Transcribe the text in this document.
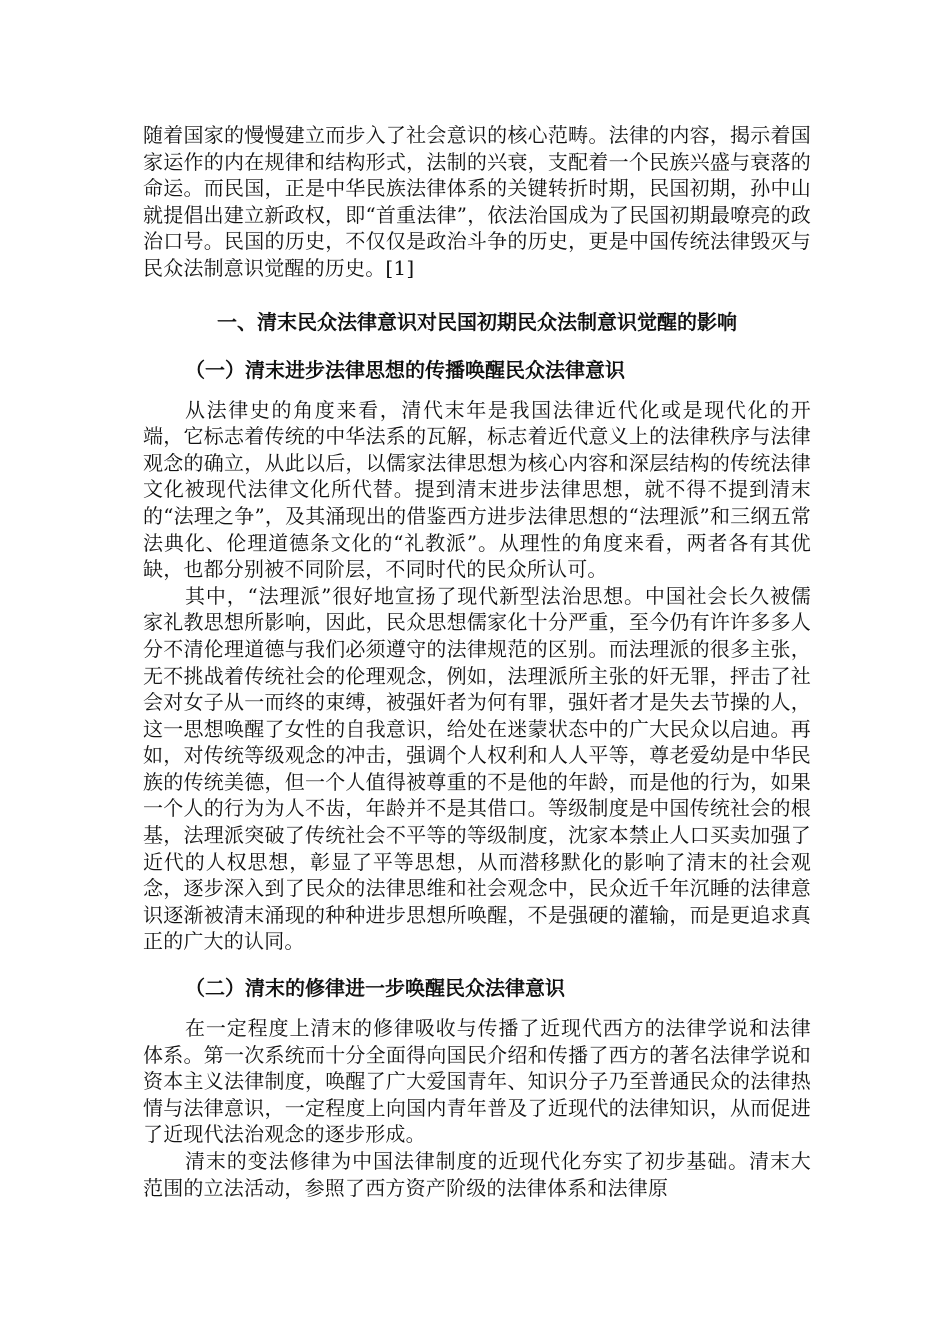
随着国家的慢慢建立而步入了社会意识的核心范畴。法律的内容，揭示着国家运作的内在规律和结构形式，法制的兴衰，支配着一个民族兴盛与衰落的命运。而民国，正是中华民族法律体系的关键转折时期，民国初期，孙中山就提倡出建立新政权，即“首重法律”，依法治国成为了民国初期最嘹亮的政治口号。民国的历史，不仅仅是政治斗争的历史，更是中国传统法律毁灭与民众法制意识觉醒的历史。[1]

一、清末民众法律意识对民国初期民众法制意识觉醒的影响
（一）清末进步法律思想的传播唤醒民众法律意识

从法律史的角度来看，清代末年是我国法律近代化或是现代化的开端，它标志着传统的中华法系的瓦解，标志着近代意义上的法律秩序与法律观念的确立，从此以后，以儒家法律思想为核心内容和深层结构的传统法律文化被现代法律文化所代替。提到清末进步法律思想，就不得不提到清末的“法理之争”，及其涌现出的借鉴西方进步法律思想的“法理派”和三纲五常法典化、伦理道德条文化的“礼教派”。从理性的角度来看，两者各有其优缺，也都分别被不同阶层，不同时代的民众所认可。

其中，“法理派”很好地宣扬了现代新型法治思想。中国社会长久被儒家礼教思想所影响，因此，民众思想儒家化十分严重，至今仍有许许多多人分不清伦理道德与我们必须遵守的法律规范的区别。而法理派的很多主张，无不挑战着传统社会的伦理观念，例如，法理派所主张的奸无罪，抨击了社会对女子从一而终的束缚，被强奸者为何有罪，强奸者才是失去节操的人，这一思想唤醒了女性的自我意识，给处在迷蒙状态中的广大民众以启迪。再如，对传统等级观念的冲击，强调个人权利和人人平等，尊老爱幼是中华民族的传统美德，但一个人值得被尊重的不是他的年龄，而是他的行为，如果一个人的行为为人不齿，年龄并不是其借口。等级制度是中国传统社会的根基，法理派突破了传统社会不平等的等级制度，沈家本禁止人口买卖加强了近代的人权思想，彰显了平等思想，从而潜移默化的影响了清末的社会观念，逐步深入到了民众的法律思维和社会观念中，民众近千年沉睡的法律意识逐渐被清末涌现的种种进步思想所唤醒，不是强硬的灌输，而是更追求真正的广大的认同。

（二）清末的修律进一步唤醒民众法律意识

在一定程度上清末的修律吸收与传播了近现代西方的法律学说和法律体系。第一次系统而十分全面得向国民介绍和传播了西方的著名法律学说和资本主义法律制度，唤醒了广大爱国青年、知识分子乃至普通民众的法律热情与法律意识，一定程度上向国内青年普及了近现代的法律知识，从而促进了近现代法治观念的逐步形成。

清末的变法修律为中国法律制度的近现代化夯实了初步基础。清末大范围的立法活动，参照了西方资产阶级的法律体系和法律原
